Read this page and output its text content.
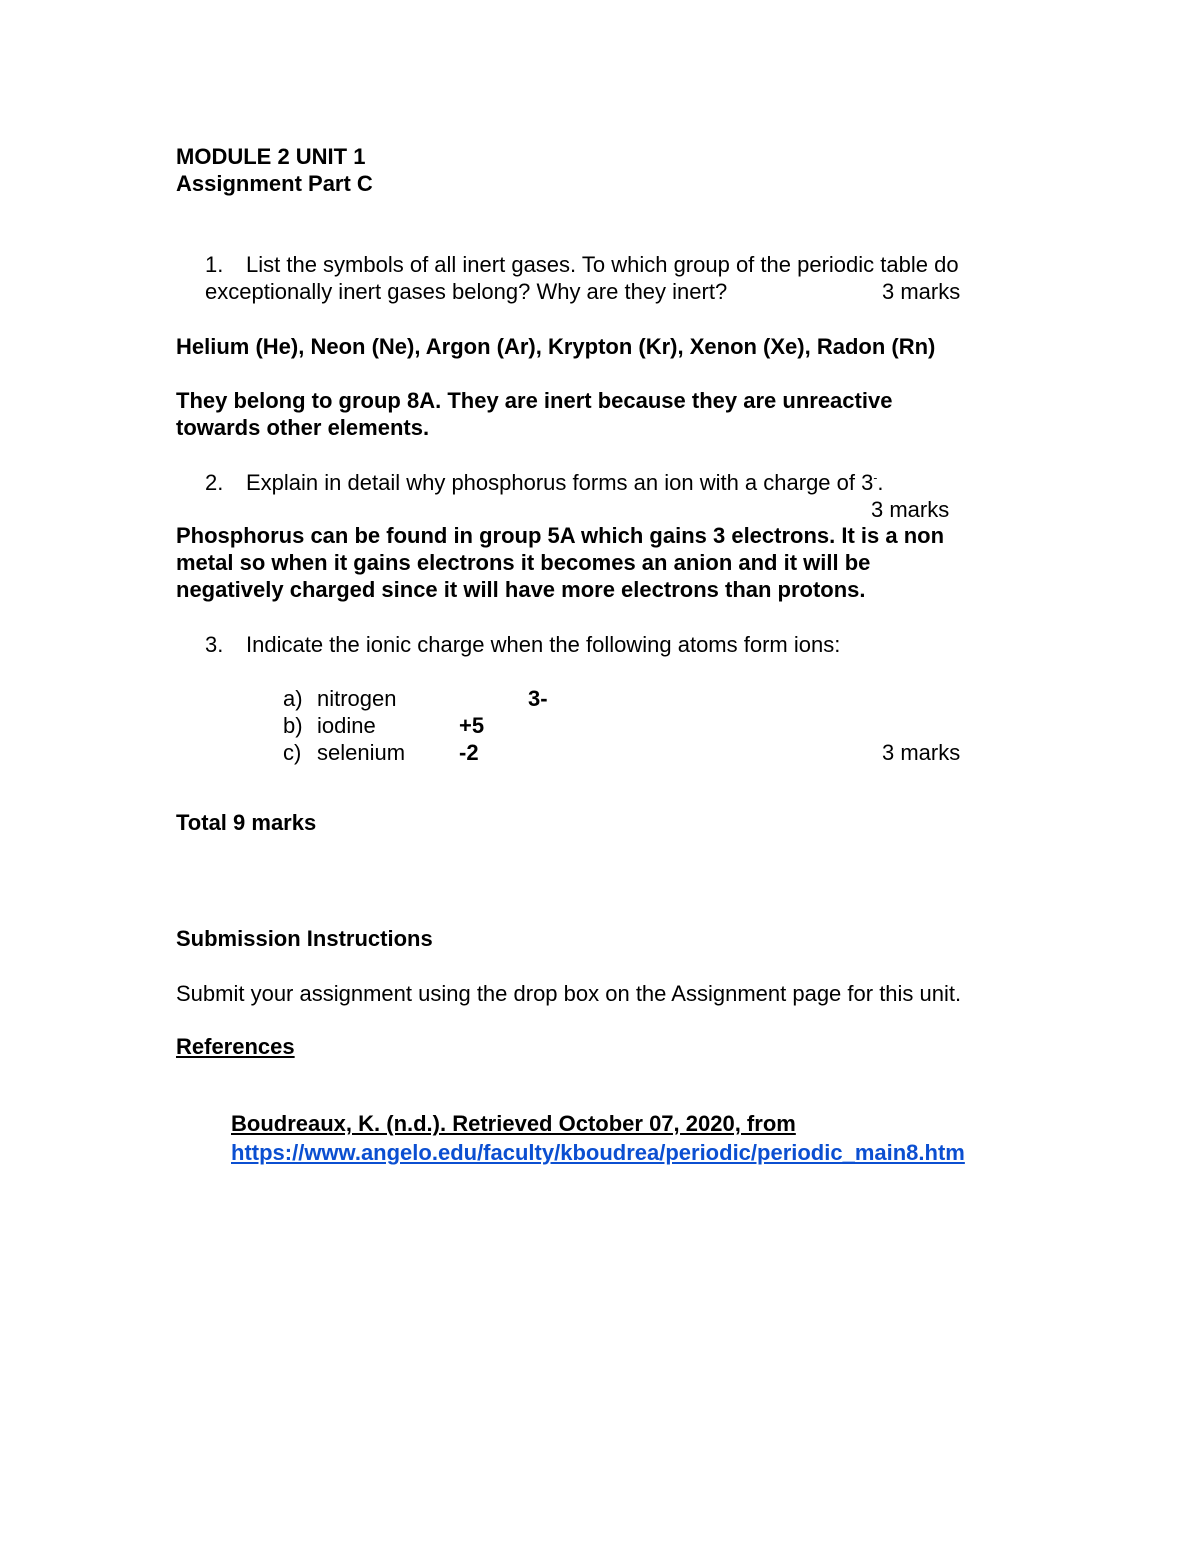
MODULE 2 UNIT 1
Assignment Part C
1. List the symbols of all inert gases. To which group of the periodic table do
exceptionally inert gases belong? Why are they inert?	3 marks
Helium (He), Neon (Ne), Argon (Ar), Krypton (Kr), Xenon (Xe), Radon (Rn)
They belong to group 8A. They are inert because they are unreactive
towards other elements.
2. Explain in detail why phosphorus forms an ion with a charge of 3-.
3 marks
Phosphorus can be found in group 5A which gains 3 electrons. It is a non
metal so when it gains electrons it becomes an anion and it will be
negatively charged since it will have more electrons than protons.
3. Indicate the ionic charge when the following atoms form ions:
a) nitrogen	3-
b) iodine	+5
c) selenium -2	3 marks
Total 9 marks
Submission Instructions
Submit your assignment using the drop box on the Assignment page for this unit.
References
Boudreaux, K. (n.d.). Retrieved October 07, 2020, from
https://www.angelo.edu/faculty/kboudrea/periodic/periodic_main8.htm
